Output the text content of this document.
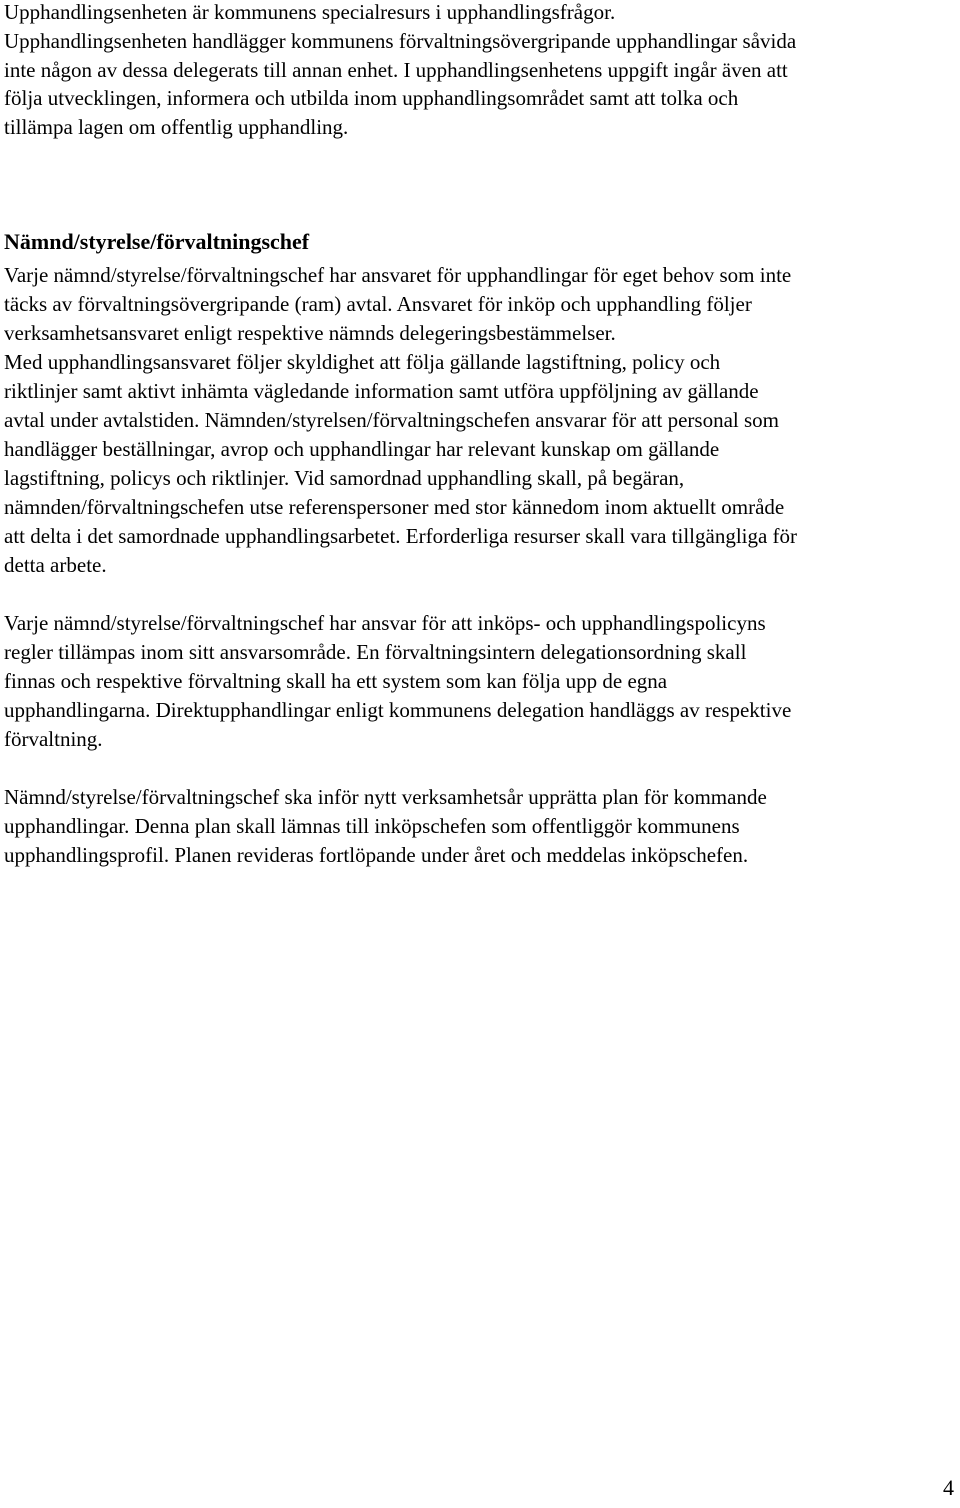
Upphandlingsenheten är kommunens specialresurs i upphandlingsfrågor.
Upphandlingsenheten handlägger kommunens förvaltningsövergripande upphandlingar såvida
inte någon av dessa delegerats till annan enhet. I upphandlingsenhetens uppgift ingår även att
följa utvecklingen, informera och utbilda inom upphandlingsområdet samt att tolka och
tillämpa lagen om offentlig upphandling.
Nämnd/styrelse/förvaltningschef
Varje nämnd/styrelse/förvaltningschef har ansvaret för upphandlingar för eget behov som inte
täcks av förvaltningsövergripande (ram) avtal. Ansvaret för inköp och upphandling följer
verksamhetsansvaret enligt respektive nämnds delegeringsbestämmelser.
Med upphandlingsansvaret följer skyldighet att följa gällande lagstiftning, policy och
riktlinjer samt aktivt inhämta vägledande information samt utföra uppföljning av gällande
avtal under avtalstiden. Nämnden/styrelsen/förvaltningschefen ansvarar för att personal som
handlägger beställningar, avrop och upphandlingar har relevant kunskap om gällande
lagstiftning, policys och riktlinjer. Vid samordnad upphandling skall, på begäran,
nämnden/förvaltningschefen utse referenspersoner med stor kännedom inom aktuellt område
att delta i det samordnade upphandlingsarbetet. Erforderliga resurser skall vara tillgängliga för
detta arbete.
Varje nämnd/styrelse/förvaltningschef har ansvar för att inköps- och upphandlingspolicyns
regler tillämpas inom sitt ansvarsområde. En förvaltningsintern delegationsordning skall
finnas och respektive förvaltning skall ha ett system som kan följa upp de egna
upphandlingarna. Direktupphandlingar enligt kommunens delegation handläggs av respektive
förvaltning.
Nämnd/styrelse/förvaltningschef ska inför nytt verksamhetsår upprätta plan för kommande
upphandlingar. Denna plan skall lämnas till inköpschefen som offentliggör kommunens
upphandlingsprofil. Planen revideras fortlöpande under året och meddelas inköpschefen.
4
